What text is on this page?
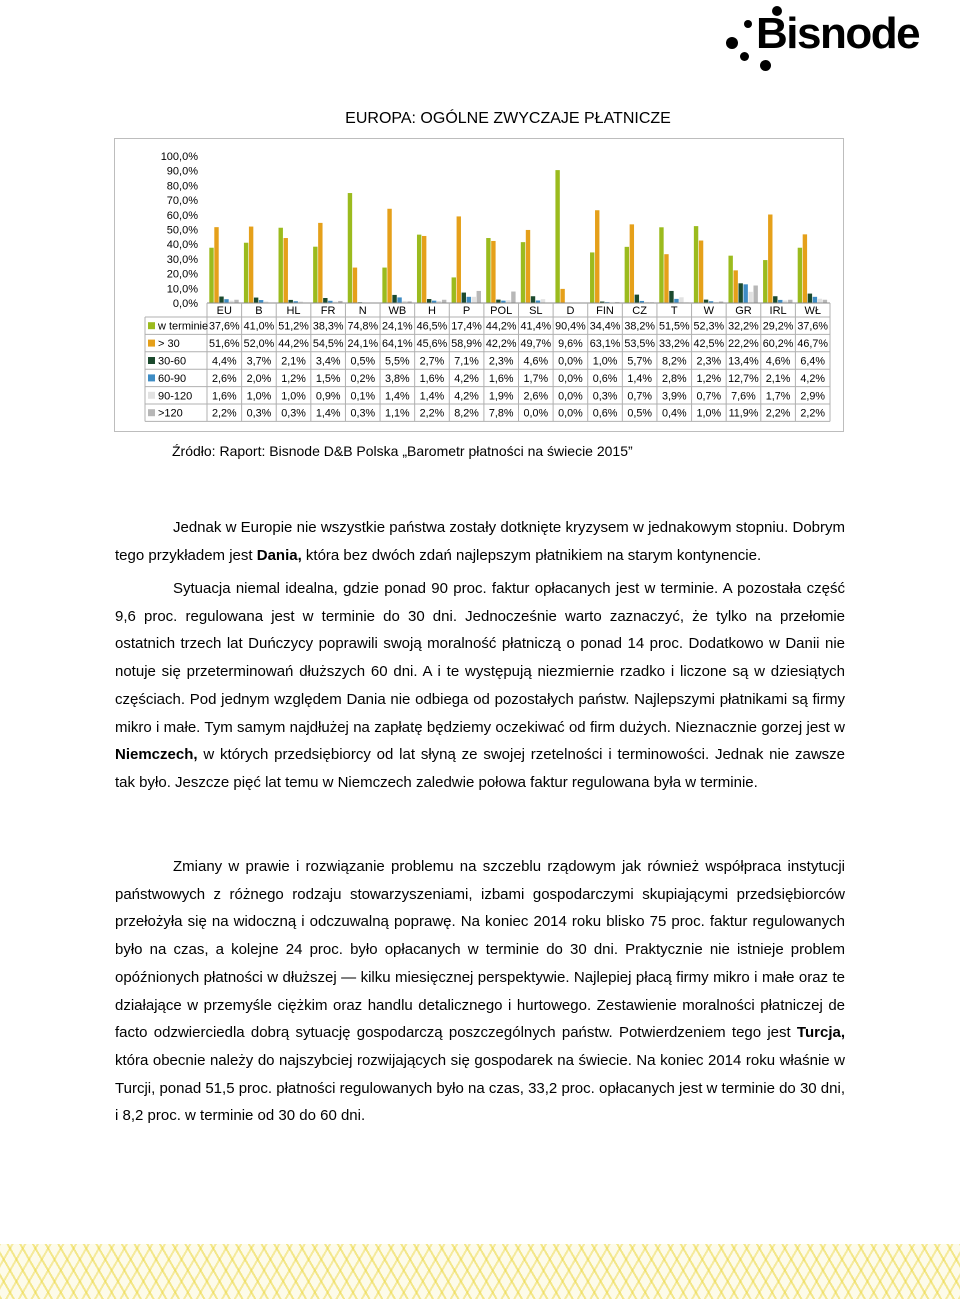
Bisnode
EUROPA: OGÓLNE ZWYCZAJE PŁATNICZE
100,0%
90,0%
80,0%
70,0%
60,0%
50,0%
40,0%
30,0%
20,0%
10,0%
0,0%
EU B HL FR N WB H P POL SL D FIN CZ T W GR IRL WŁ
w terminie 37,6% 41,0% 51,2% 38,3% 74,8% 24,1% 46,5% 17,4% 44,2% 41,4% 90,4% 34,4% 38,2% 51,5% 52,3% 32,2% 29,2% 37,6%
> 30	51,6% 52,0% 44,2% 54,5% 24,1% 64,1% 45,6% 58,9% 42,2% 49,7% 9,6% 63,1% 53,5% 33,2% 42,5% 22,2% 60,2% 46,7%
30-60 4,4% 3,7% 2,1% 3,4% 0,5% 5,5% 2,7% 7,1% 2,3% 4,6% 0,0% 1,0% 5,7% 8,2% 2,3% 13,4% 4,6% 6,4%
60-90 2,6% 2,0% 1,2% 1,5% 0,2% 3,8% 1,6% 4,2% 1,6% 1,7% 0,0% 0,6% 1,4% 2,8% 1,2% 12,7% 2,1% 4,2%
90-120 1,6% 1,0% 1,0% 0,9% 0,1% 1,4% 1,4% 4,2% 1,9% 2,6% 0,0% 0,3% 0,7% 3,9% 0,7% 7,6% 1,7% 2,9%
>120	2,2% 0,3% 0,3% 1,4% 0,3% 1,1% 2,2% 8,2% 7,8% 0,0% 0,0% 0,6% 0,5% 0,4% 1,0% 11,9% 2,2% 2,2%
Źródło: Raport: Bisnode D&B Polska „Barometr płatności na świecie 2015”

Jednak w Europie nie wszystkie państwa zostały dotknięte kryzysem w jednakowym stopniu. Dobrym tego przykładem jest Dania, która bez dwóch zdań najlepszym płatnikiem na starym kontynencie.

Sytuacja niemal idealna, gdzie ponad 90 proc. faktur opłacanych jest w terminie. A pozostała część 9,6 proc. regulowana jest w terminie do 30 dni. Jednocześnie warto zaznaczyć, że tylko na przełomie ostatnich trzech lat Duńczycy poprawili swoją moralność płatniczą o ponad 14 proc. Dodatkowo w Danii nie notuje się przeterminowań dłuższych 60 dni. A i te występują niezmiernie rzadko i liczone są w dziesiątych częściach. Pod jednym względem Dania nie odbiega od pozostałych państw. Najlepszymi płatnikami są firmy mikro i małe. Tym samym najdłużej na zapłatę będziemy oczekiwać od firm dużych. Nieznacznie gorzej jest w Niemczech, w których przedsiębiorcy od lat słyną ze swojej rzetelności i terminowości. Jednak nie zawsze tak było. Jeszcze pięć lat temu w Niemczech zaledwie połowa faktur regulowana była w terminie.

Zmiany w prawie i rozwiązanie problemu na szczeblu rządowym jak również współpraca instytucji państwowych z różnego rodzaju stowarzyszeniami, izbami gospodarczymi skupiającymi przedsiębiorców przełożyła się na widoczną i odczuwalną poprawę. Na koniec 2014 roku blisko 75 proc. faktur regulowanych było na czas, a kolejne 24 proc. było opłacanych w terminie do 30 dni. Praktycznie nie istnieje problem opóźnionych płatności w dłuższej — kilku miesięcznej perspektywie. Najlepiej płacą firmy mikro i małe oraz te działające w przemyśle ciężkim oraz handlu detalicznego i hurtowego. Zestawienie moralności płatniczej de facto odzwierciedla dobrą sytuację gospodarczą poszczególnych państw. Potwierdzeniem tego jest Turcja, która obecnie należy do najszybciej rozwijających się gospodarek na świecie. Na koniec 2014 roku właśnie w Turcji, ponad 51,5 proc. płatności regulowanych było na czas, 33,2 proc. opłacanych jest w terminie do 30 dni, i 8,2 proc. w terminie od 30 do 60 dni.
